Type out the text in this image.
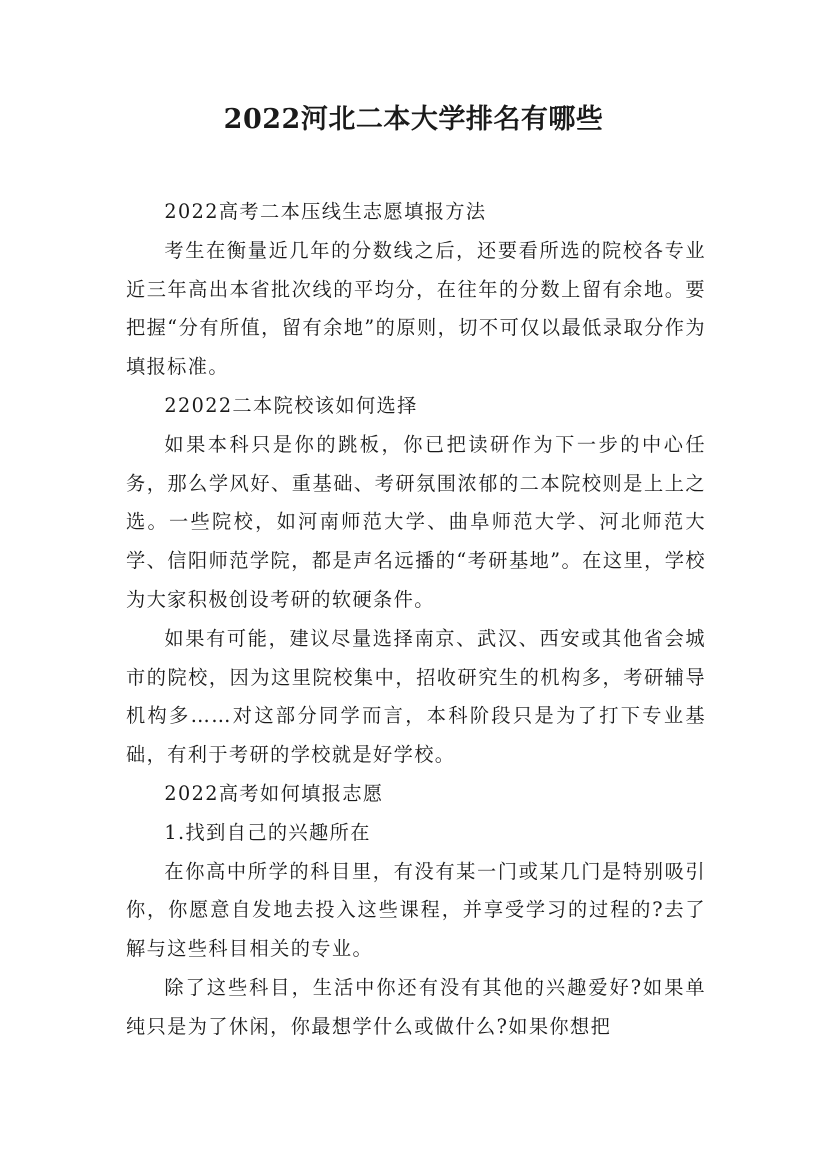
2022河北二本大学排名有哪些

2022高考二本压线生志愿填报方法

考生在衡量近几年的分数线之后，还要看所选的院校各专业近三年高出本省批次线的平均分，在往年的分数上留有余地。要把握“分有所值，留有余地”的原则，切不可仅以最低录取分作为填报标准。

22022二本院校该如何选择

如果本科只是你的跳板，你已把读研作为下一步的中心任务，那么学风好、重基础、考研氛围浓郁的二本院校则是上上之选。一些院校，如河南师范大学、曲阜师范大学、河北师范大学、信阳师范学院，都是声名远播的“考研基地”。在这里，学校为大家积极创设考研的软硬条件。

如果有可能，建议尽量选择南京、武汉、西安或其他省会城市的院校，因为这里院校集中，招收研究生的机构多，考研辅导机构多……对这部分同学而言，本科阶段只是为了打下专业基础，有利于考研的学校就是好学校。

2022高考如何填报志愿

1.找到自己的兴趣所在

在你高中所学的科目里，有没有某一门或某几门是特别吸引你，你愿意自发地去投入这些课程，并享受学习的过程的?去了解与这些科目相关的专业。

除了这些科目，生活中你还有没有其他的兴趣爱好?如果单纯只是为了休闲，你最想学什么或做什么?如果你想把
